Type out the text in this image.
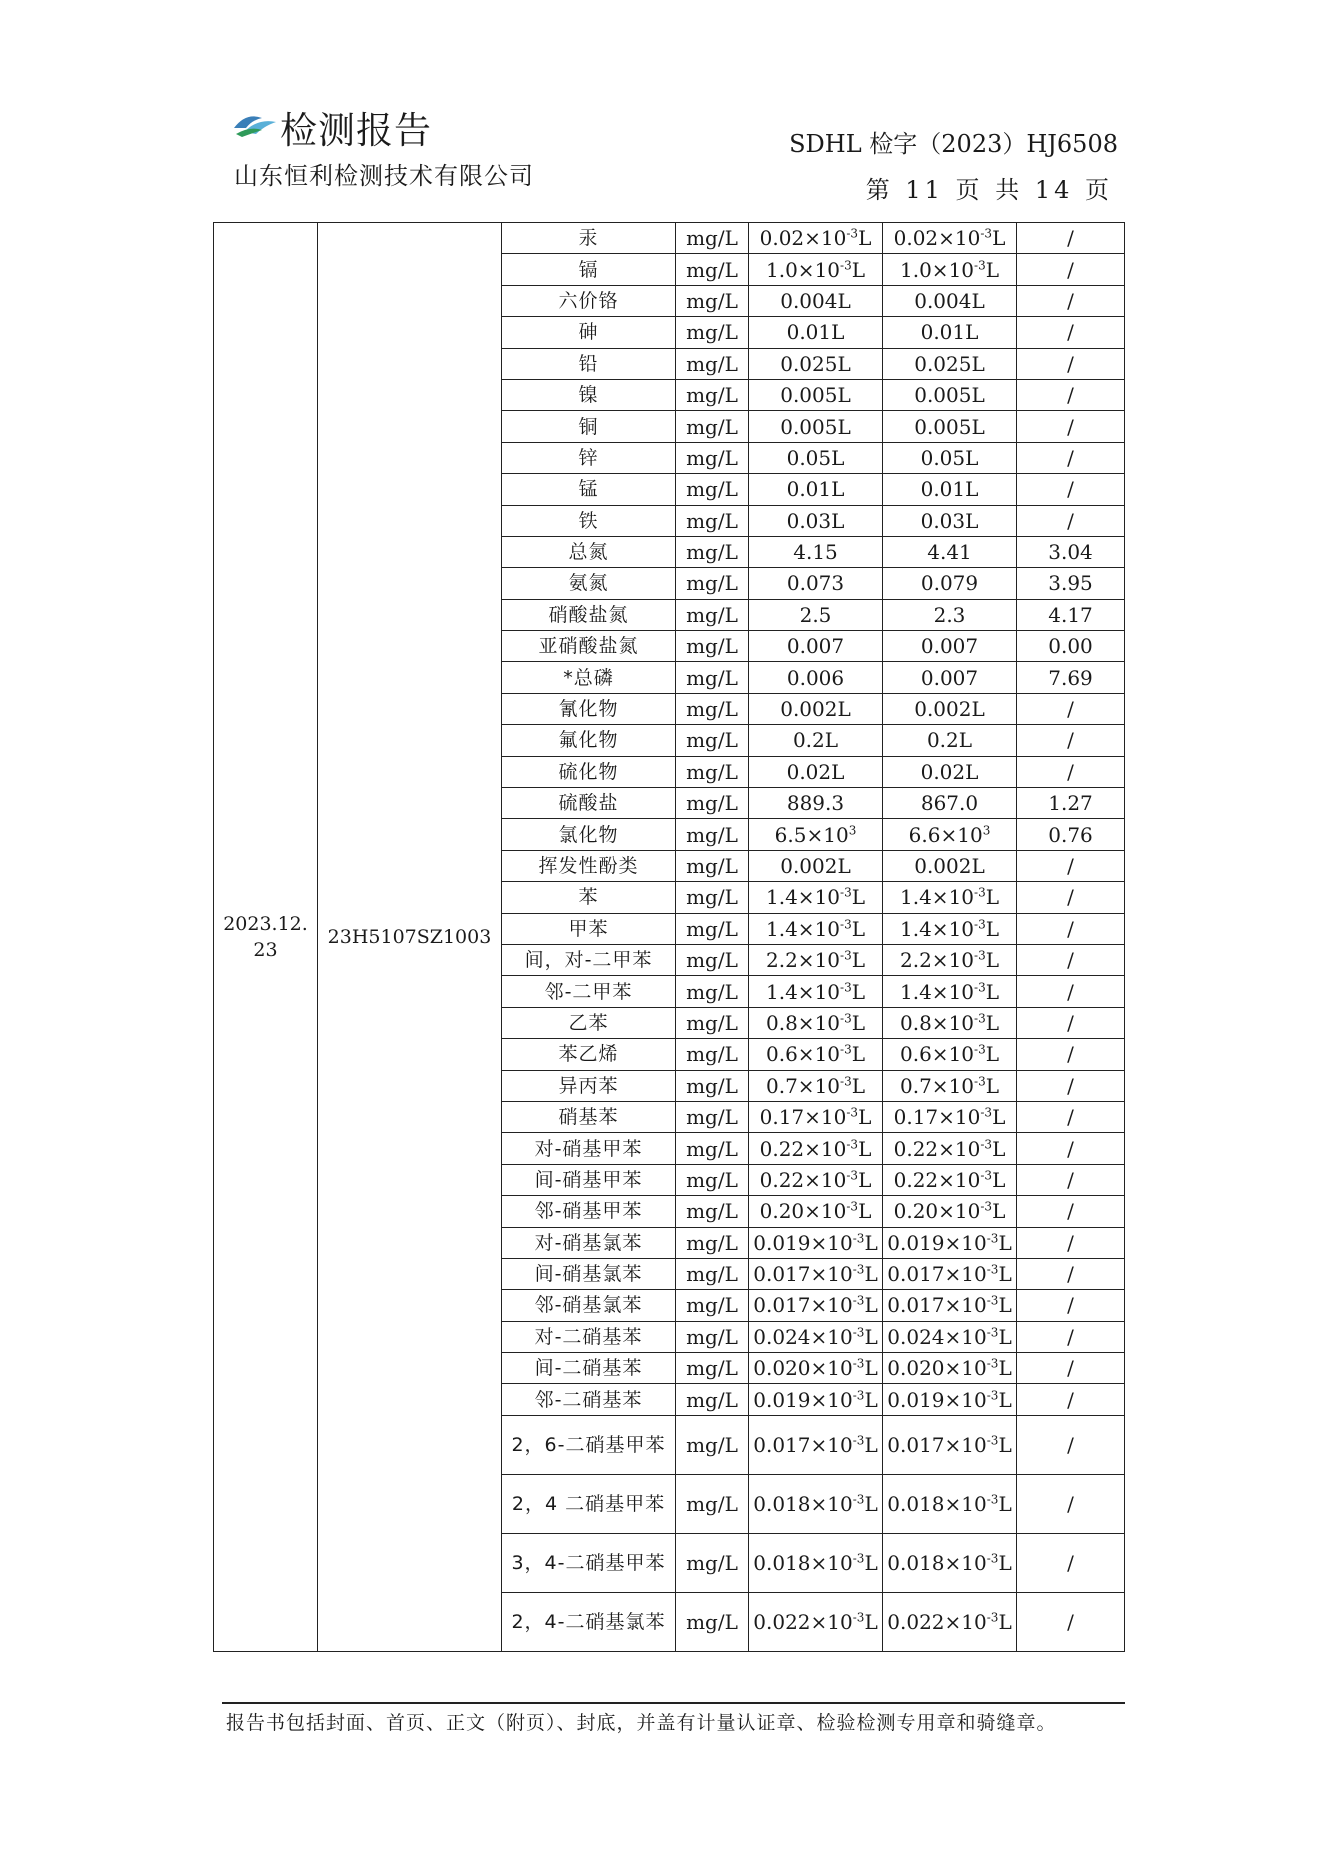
检测报告
山东恒利检测技术有限公司
SDHL 检字（2023）HJ6508
第 11 页 共 14 页
2023.12. 23	23H5107SZ1003	汞	mg/L	$0.02\times 10^{-3}L$	$0.02\times 10^{-3}L$	/
		镉	mg/L	$1.0\times 10^{-3}L$	$1.0\times 10^{-3}L$	/
		六价铬	mg/L	0.004L	0.004L	/
		砷	mg/L	0.01L	0.01L	/
		铅	mg/L	0.025L	0.025L	/
		镍	mg/L	0.005L	0.005L	/
		铜	mg/L	0.005L	0.005L	/
		锌	mg/L	0.05L	0.05L	/
		锰	mg/L	0.01L	0.01L	/
		铁	mg/L	0.03L	0.03L	/
		总氮	mg/L	4.15	4.41	3.04
		氨氮	mg/L	0.073	0.079	3.95
		硝酸盐氮	mg/L	2.5	2.3	4.17
		亚硝酸盐氮	mg/L	0.007	0.007	0.00
		*总磷	mg/L	0.006	0.007	7.69
		氰化物	mg/L	0.002L	0.002L	/
		氟化物	mg/L	0.2L	0.2L	/
		硫化物	mg/L	0.02L	0.02L	/
		硫酸盐	mg/L	889.3	867.0	1.27
		氯化物	mg/L	$6.5\times 10^3$	$6.6\times 10^3$	0.76
		挥发性酚类	mg/L	0.002L	0.002L	/
		苯	mg/L	$1.4\times 10^{-3}L$	$1.4\times 10^{-3}L$	/
		甲苯	mg/L	$1.4\times 10^{-3}L$	$1.4\times 10^{-3}L$	/
		间，对-二甲苯	mg/L	$2.2\times 10^{-3}L$	$2.2\times 10^{-3}L$	/
		邻-二甲苯	mg/L	$1.4\times 10^{-3}L$	$1.4\times 10^{-3}L$	/
		乙苯	mg/L	$0.8\times 10^{-3}L$	$0.8\times 10^{-3}L$	/
		苯乙烯	mg/L	$0.6\times 10^{-3}L$	$0.6\times 10^{-3}L$	/
		异丙苯	mg/L	$0.7\times 10^{-3}L$	$0.7\times 10^{-3}L$	/
		硝基苯	mg/L	$0.17\times 10^{-3}L$	$0.17\times 10^{-3}L$	/
		对-硝基甲苯	mg/L	$0.22\times 10^{-3}L$	$0.22\times 10^{-3}L$	/
		间-硝基甲苯	mg/L	$0.22\times 10^{-3}L$	$0.22\times 10^{-3}L$	/
		邻-硝基甲苯	mg/L	$0.20\times 10^{-3}L$	$0.20\times 10^{-3}L$	/
		对-硝基氯苯	mg/L	$0.019\times 10^{-3}L$	$0.019\times 10^{-3}L$	/
		间-硝基氯苯	mg/L	$0.017\times 10^{-3}L$	$0.017\times 10^{-3}L$	/
		邻-硝基氯苯	mg/L	$0.017\times 10^{-3}L$	$0.017\times 10^{-3}L$	/
		对-二硝基苯	mg/L	$0.024\times 10^{-3}L$	$0.024\times 10^{-3}L$	/
		间-二硝基苯	mg/L	$0.020\times 10^{-3}L$	$0.020\times 10^{-3}L$	/
		邻-二硝基苯	mg/L	$0.019\times 10^{-3}L$	$0.019\times 10^{-3}L$	/
		2，6-二硝基甲苯	mg/L	$0.017\times 10^{-3}L$	$0.017\times 10^{-3}L$	/
		2，4 二硝基甲苯	mg/L	$0.018\times 10^{-3}L$	$0.018\times 10^{-3}L$	/
		3，4-二硝基甲苯	mg/L	$0.018\times 10^{-3}L$	$0.018\times 10^{-3}L$	/
		2，4-二硝基氯苯	mg/L	$0.022\times 10^{-3}L$	$0.022\times 10^{-3}L$	/
报告书包括封面、首页、正文（附页）、封底，并盖有计量认证章、检验检测专用章和骑缝章。
